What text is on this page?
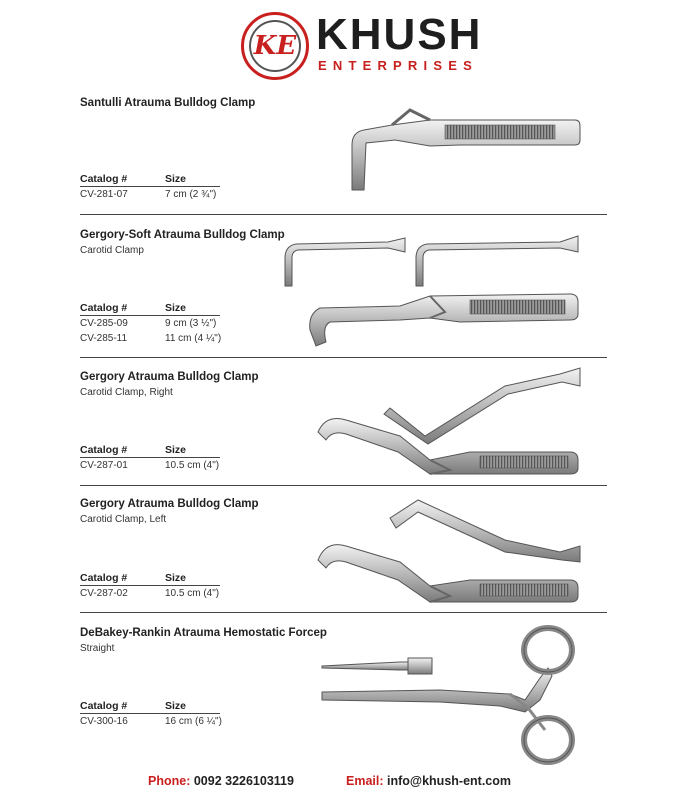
KE KHUSH
ENTERPRISES
Santulli Atrauma Bulldog Clamp
Catalog #	Size
CV-281-07	7 cm (2 ¾")
Gergory-Soft Atrauma Bulldog Clamp
Carotid Clamp
Catalog #	Size
CV-285-09	9 cm (3 ½")
CV-285-11	11 cm (4 ¼")
Gergory Atrauma Bulldog Clamp
Carotid Clamp, Right
Catalog #	Size
CV-287-01	10.5 cm (4")
Gergory Atrauma Bulldog Clamp
Carotid Clamp, Left
Catalog #	Size
CV-287-02	10.5 cm (4")
DeBakey-Rankin Atrauma Hemostatic Forcep
Straight
Catalog #	Size
CV-300-16	16 cm (6 ¼")
Phone: 0092 3226103119	Email: info@khush-ent.com
